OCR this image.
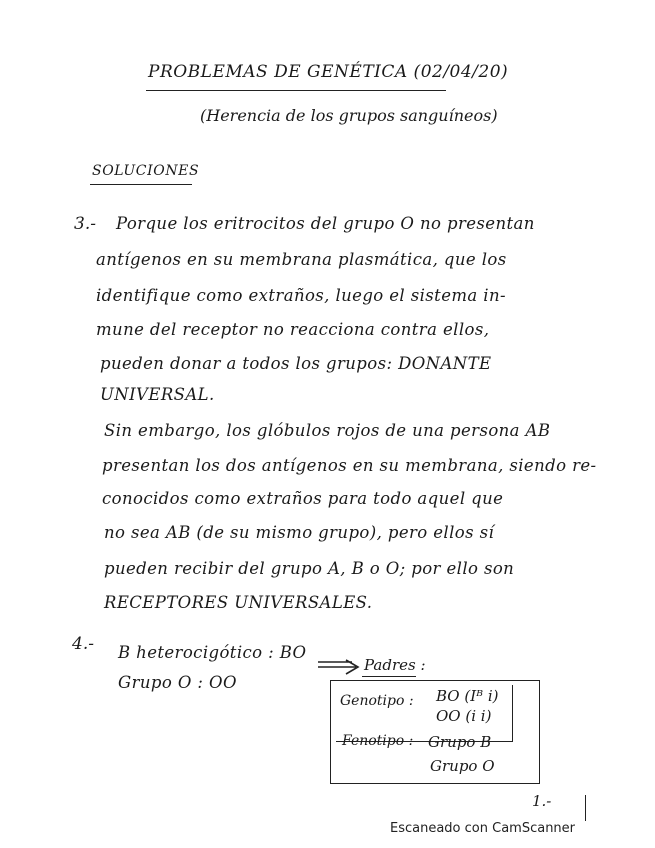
PROBLEMAS DE GENÉTICA (02/04/20)
(Herencia de los grupos sanguíneos)
SOLUCIONES
3.- Porque los eritrocitos del grupo O no presentan
antígenos en su membrana plasmática, que los
identifique como extraños, luego el sistema in-
mune del receptor no reacciona contra ellos,
pueden donar a todos los grupos: DONANTE
UNIVERSAL.
Sin embargo, los glóbulos rojos de una persona AB
presentan los dos antígenos en su membrana, siendo re-
conocidos como extraños para todo aquel que
no sea AB (de su mismo grupo), pero ellos sí
pueden recibir del grupo A, B o O; por ello son
RECEPTORES UNIVERSALES.
4.- B heterocigótico : BO
Grupo O : OO
Padres :
Genotipo : BO (Iᴮ i)
OO (i i)
Fenotipo : Grupo B
Grupo O
1.-
Escaneado con CamScanner
